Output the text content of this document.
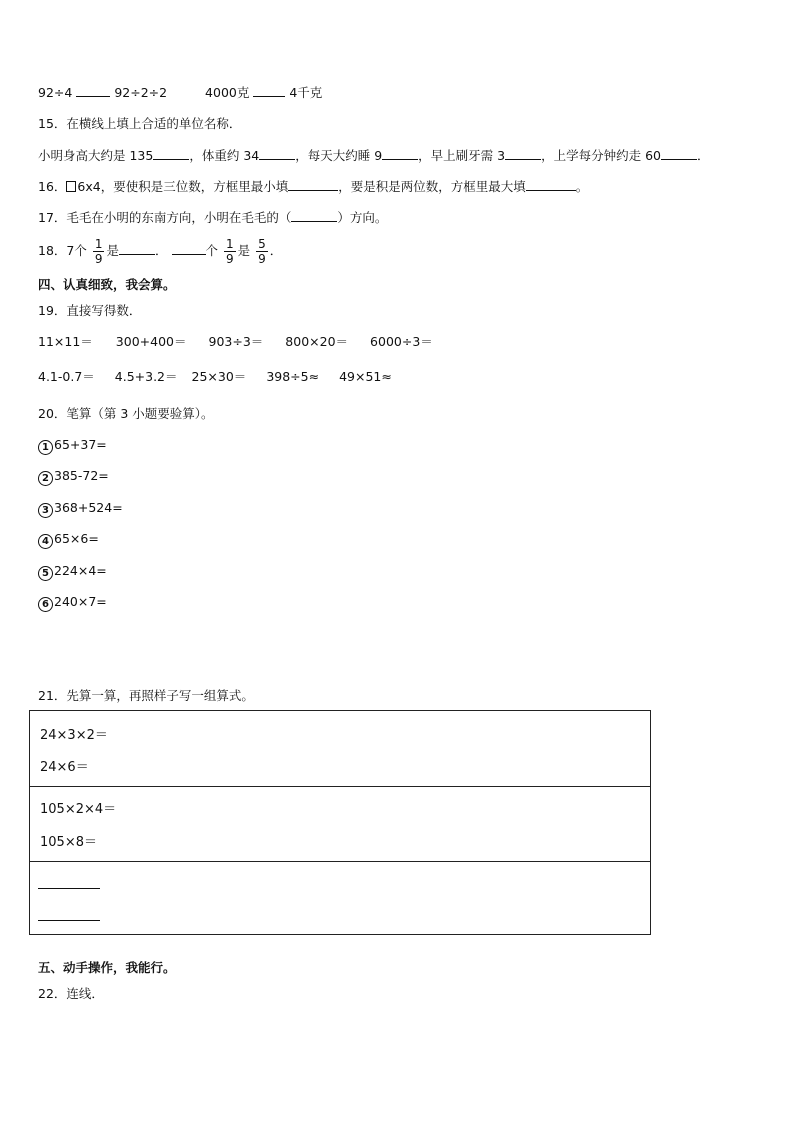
92÷4	92÷2÷2	4000克	4千克
15．在横线上填上合适的单位名称．
小明身高大约是 135	，体重约 34	，每天大约睡 9	，早上刷牙需 3	，上学每分钟约走 60	．
16． 6x4，要使积是三位数，方框里最小填	，要是积是两位数，方框里最大填	。
17．毛毛在小明的东南方向，小明在毛毛的（	）方向。
18．7个 $\frac{1}{9}$ 是	．	个 $\frac{1}{9}$ 是 $\frac{5}{9}$ ．
四、认真细致，我会算。
19．直接写得数．
11×11＝ 300+400＝ 903÷3＝ 800×20＝ 6000÷3＝
4.1-0.7＝ 4.5+3.2＝ 25×30＝ 398÷5≈ 49×51≈
20．笔算（第 3 小题要验算）。
1 65+37=
2 385-72=
3 368+524=
4 65×6=
5 224×4=
6 240×7=
21．先算一算，再照样子写一组算式。
24×3×2＝
24×6＝
105×2×4＝
105×8＝
五、动手操作，我能行。
22．连线．
